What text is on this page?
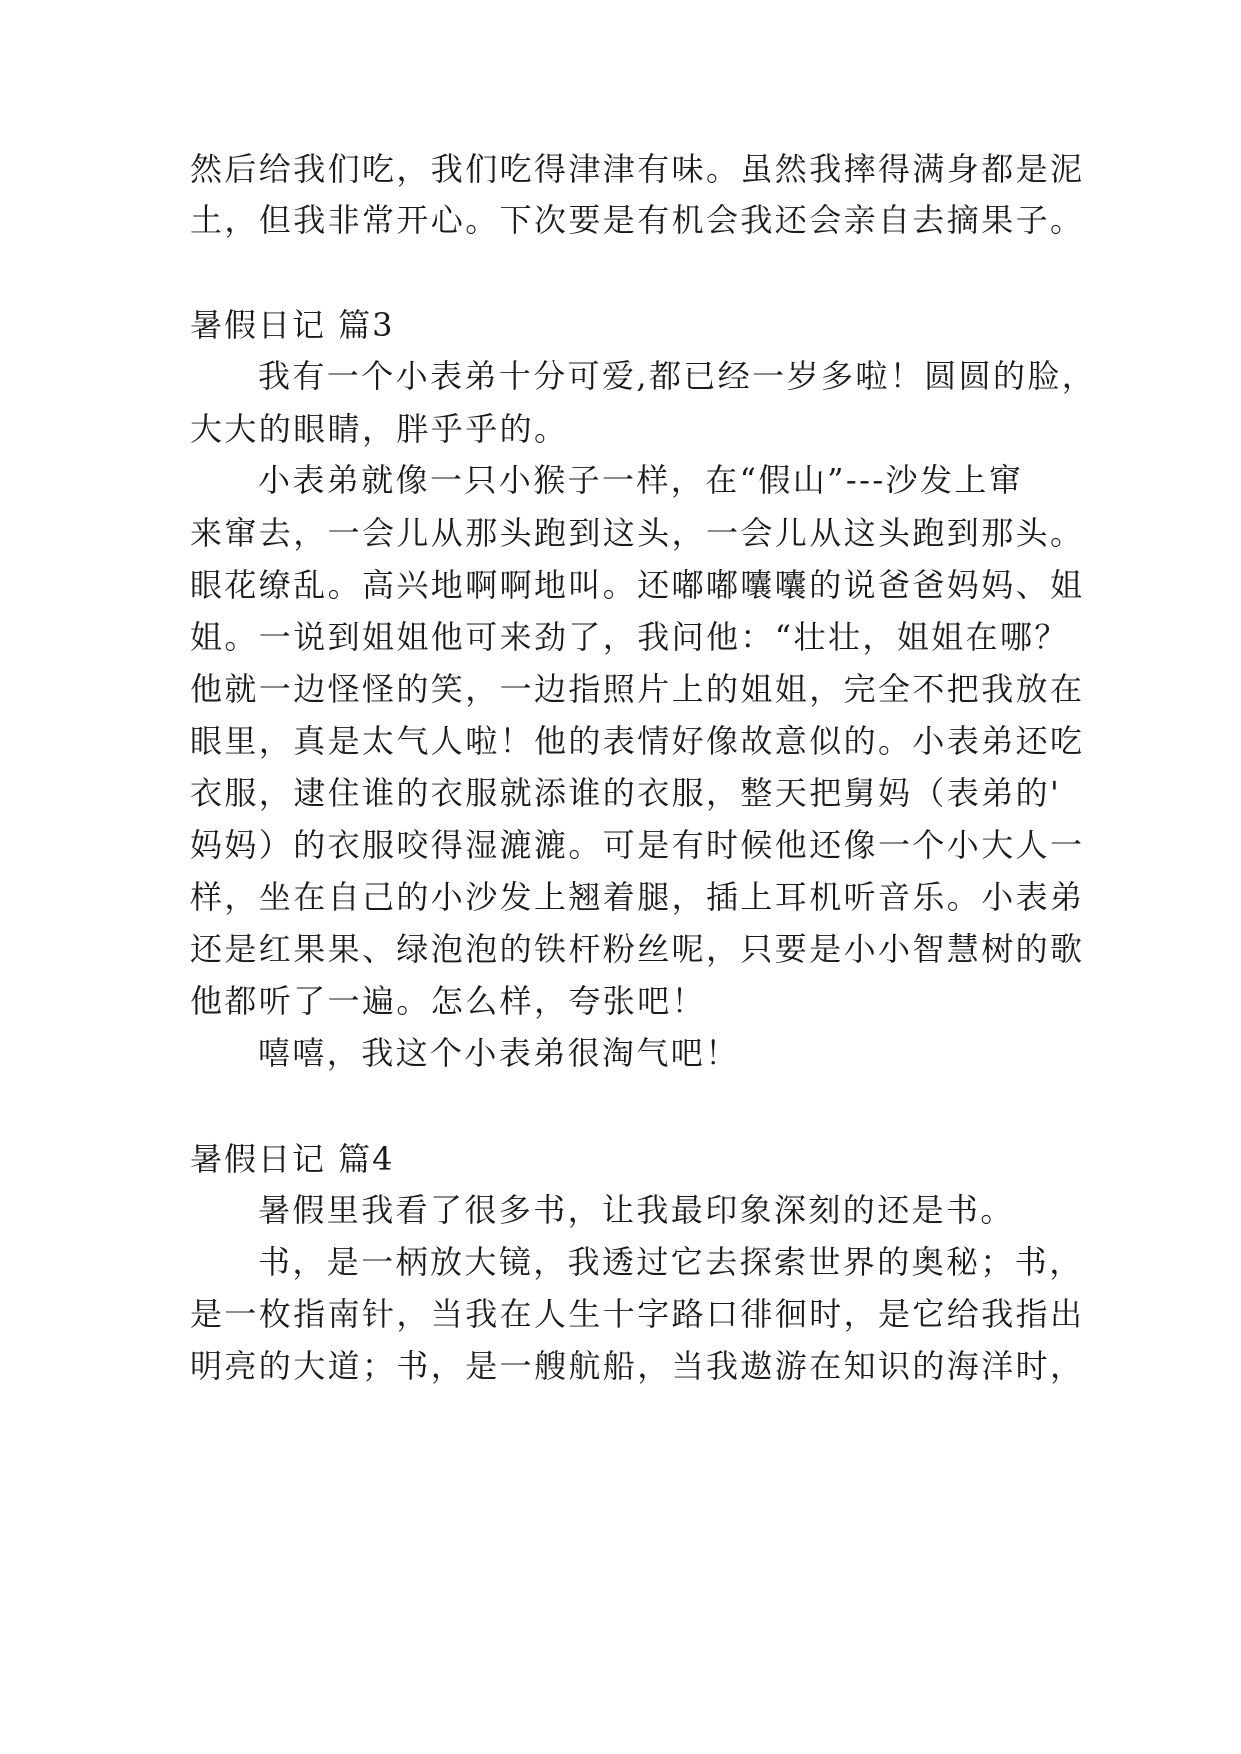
然后给我们吃，我们吃得津津有味。虽然我摔得满身都是泥
土，但我非常开心。下次要是有机会我还会亲自去摘果子。
暑假日记 篇3
我有一个小表弟十分可爱,都已经一岁多啦！圆圆的脸，
大大的眼睛，胖乎乎的。
小表弟就像一只小猴子一样，在“假山”---沙发上窜
来窜去，一会儿从那头跑到这头，一会儿从这头跑到那头。
眼花缭乱。高兴地啊啊地叫。还嘟嘟囔囔的说爸爸妈妈、姐
姐。一说到姐姐他可来劲了，我问他：“壮壮，姐姐在哪？
他就一边怪怪的笑，一边指照片上的姐姐，完全不把我放在
眼里，真是太气人啦！他的表情好像故意似的。小表弟还吃
衣服，逮住谁的衣服就添谁的衣服，整天把舅妈（表弟的'
妈妈）的衣服咬得湿漉漉。可是有时候他还像一个小大人一
样，坐在自己的小沙发上翘着腿，插上耳机听音乐。小表弟
还是红果果、绿泡泡的铁杆粉丝呢，只要是小小智慧树的歌
他都听了一遍。怎么样，夸张吧！
嘻嘻，我这个小表弟很淘气吧！
暑假日记 篇4
暑假里我看了很多书，让我最印象深刻的还是书。
书，是一柄放大镜，我透过它去探索世界的奥秘；书，
是一枚指南针，当我在人生十字路口徘徊时，是它给我指出
明亮的大道；书，是一艘航船，当我遨游在知识的海洋时，
